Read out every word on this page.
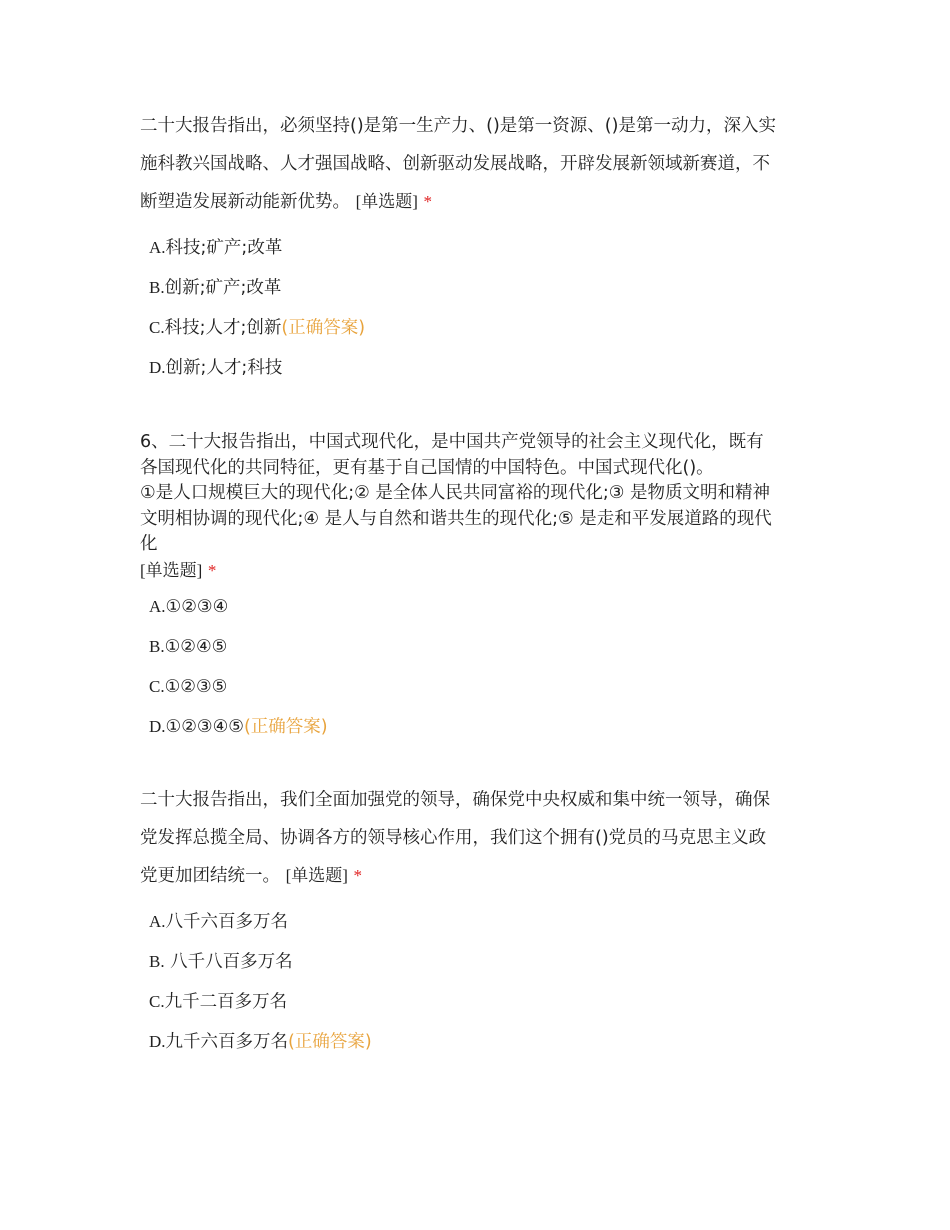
二十大报告指出，必须坚持()是第一生产力、()是第一资源、()是第一动力，深入实
施科教兴国战略、人才强国战略、创新驱动发展战略，开辟发展新领域新赛道，不
断塑造发展新动能新优势。 [单选题] *

A.科技;矿产;改革
B.创新;矿产;改革
C.科技;人才;创新(正确答案)
D.创新;人才;科技

6、二十大报告指出，中国式现代化，是中国共产党领导的社会主义现代化，既有
各国现代化的共同特征，更有基于自己国情的中国特色。中国式现代化()。
①是人口规模巨大的现代化;② 是全体人民共同富裕的现代化;③ 是物质文明和精神
文明相协调的现代化;④ 是人与自然和谐共生的现代化;⑤ 是走和平发展道路的现代
化
[单选题] *

A.①②③④
B.①②④⑤
C.①②③⑤
D.①②③④⑤(正确答案)

二十大报告指出，我们全面加强党的领导，确保党中央权威和集中统一领导，确保
党发挥总揽全局、协调各方的领导核心作用，我们这个拥有()党员的马克思主义政
党更加团结统一。 [单选题] *

A.八千六百多万名
B. 八千八百多万名
C.九千二百多万名
D.九千六百多万名(正确答案)
